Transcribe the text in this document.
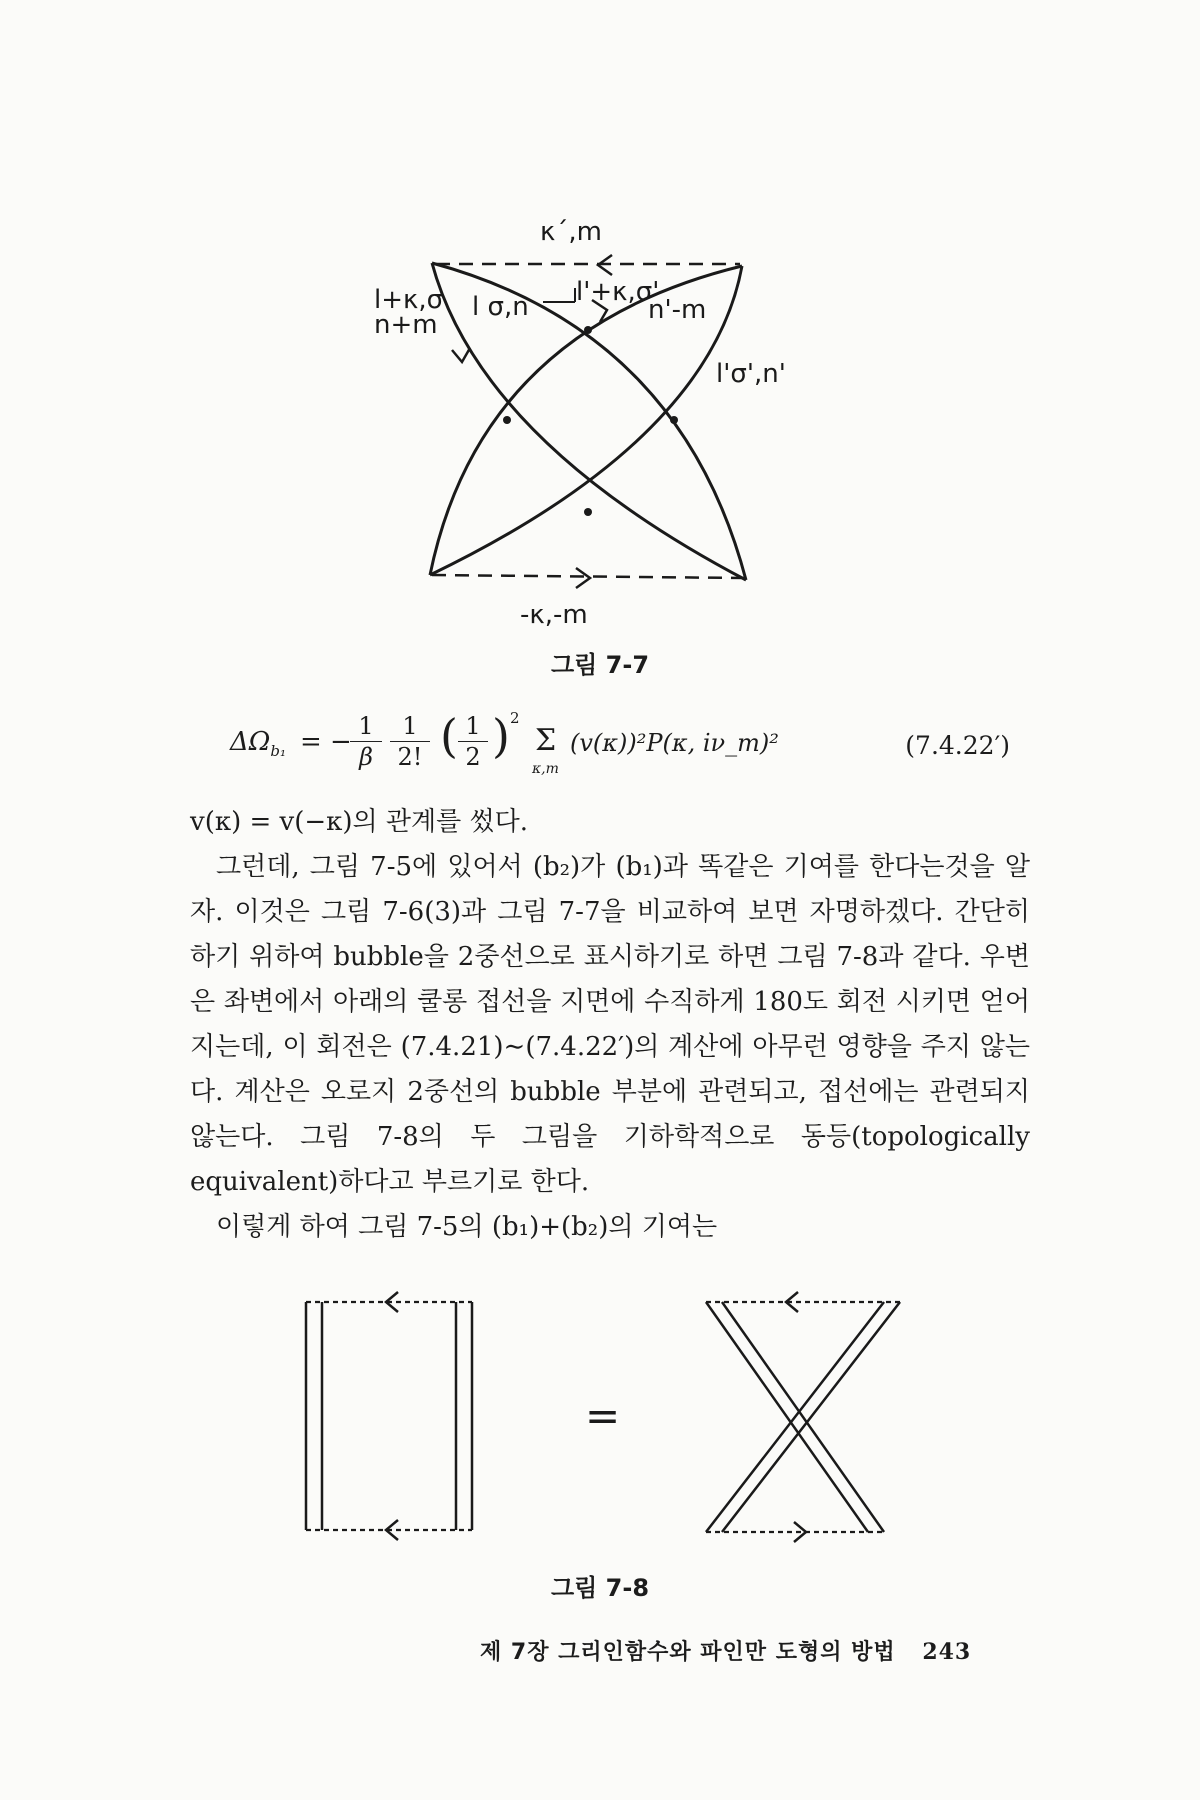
κ΄,m
l+κ,σ
n+m
l σ,n l'+κ,σ'
n'-m
l'σ',n'
-κ,-m
그림 7-7
$\Delta\Omega_{b_1}$ = −
$\frac{1}{\beta} \frac{1}{2!}$ ( $\frac{1}{2}$ ) 2
Σ
κ,m
(v(κ))²P(κ, iν_m)²	(7.4.22′)

v(κ) = v(−κ)의 관계를 썼다.

그런데, 그림 7-5에 있어서 (b₂)가 (b₁)과 똑같은 기여를 한다는것을 알자. 이것은 그림 7-6(3)과 그림 7-7을 비교하여 보면 자명하겠다. 간단히 하기 위하여 bubble을 2중선으로 표시하기로 하면 그림 7-8과 같다. 우변은 좌변에서 아래의 쿨롱 접선을 지면에 수직하게 180도 회전 시키면 얻어지는데, 이 회전은 (7.4.21)∼(7.4.22′)의 계산에 아무런 영향을 주지 않는다. 계산은 오로지 2중선의 bubble 부분에 관련되고, 접선에는 관련되지 않는다. 그림 7-8의 두 그림을 기하학적으로 동등(topologically equivalent)하다고 부르기로 한다.

이렇게 하여 그림 7-5의 (b₁)+(b₂)의 기여는

=
그림 7-8
제 7장 그리인함수와 파인만 도형의 방법 243
